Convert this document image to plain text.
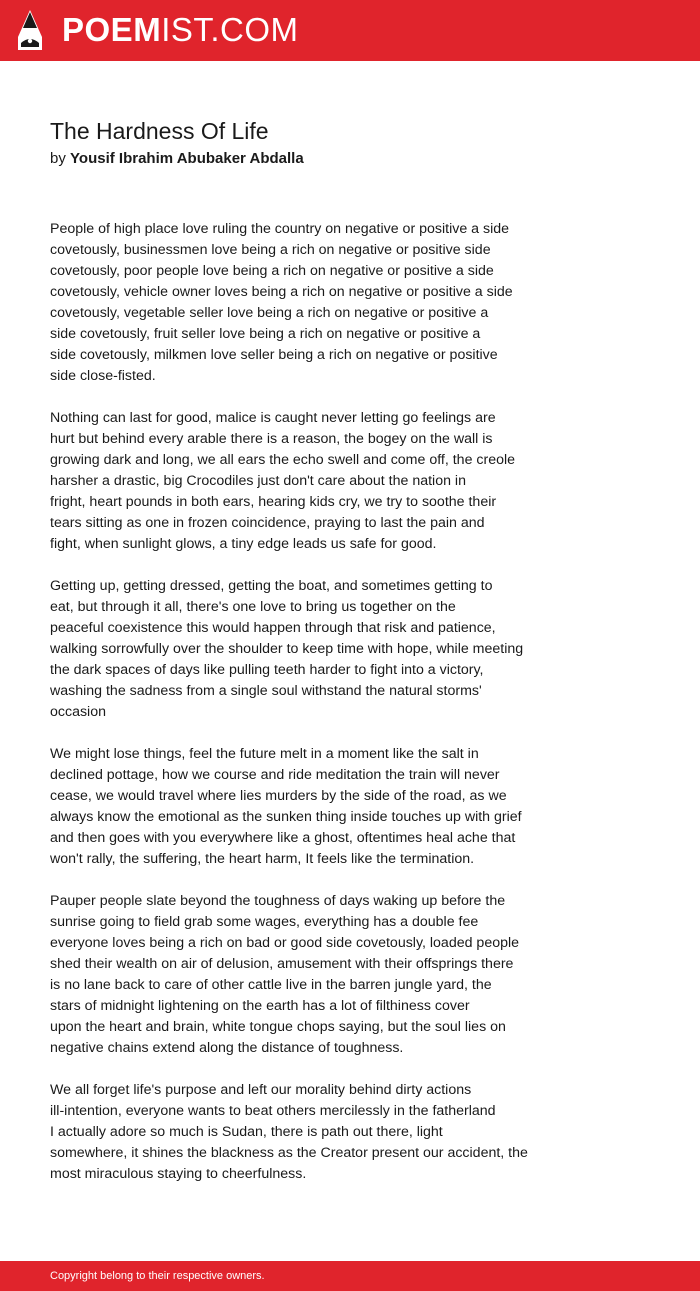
POEMIST.COM
The Hardness Of Life
by Yousif Ibrahim Abubaker Abdalla
People of high place love ruling the country on negative or positive a side
covetously, businessmen love being a rich on negative or positive side
covetously, poor people love being a rich on negative or positive a side
covetously, vehicle owner loves being a rich on negative or positive a side
covetously, vegetable seller love being a rich on negative or positive a
side covetously, fruit seller love being a rich on negative or positive a
side covetously, milkmen love seller being a rich on negative or positive
side close-fisted.
Nothing can last for good, malice is caught never letting go feelings are
hurt but behind every arable there is a reason, the bogey on the wall is
growing dark and long, we all ears the echo swell and come off, the creole
harsher a drastic, big Crocodiles just don't care about the nation in
fright, heart pounds in both ears, hearing kids cry, we try to soothe their
tears sitting as one in frozen coincidence, praying to last the pain and
fight, when sunlight glows, a tiny edge leads us safe for good.
Getting up, getting dressed, getting the boat, and sometimes getting to
eat, but through it all, there's one love to bring us together on the
peaceful coexistence this would happen through that risk and patience,
walking sorrowfully over the shoulder to keep time with hope, while meeting
the dark spaces of days like pulling teeth harder to fight into a victory,
washing the sadness from a single soul withstand the natural storms'
occasion
We might lose things, feel the future melt in a moment like the salt in
declined pottage, how we course and ride meditation the train will never
cease, we would travel where lies murders by the side of the road, as we
always know the emotional as the sunken thing inside touches up with grief
and then goes with you everywhere like a ghost, oftentimes heal ache that
won't rally, the suffering, the heart harm, It feels like the termination.
Pauper people slate beyond the toughness of days waking up before the
sunrise going to field grab some wages, everything has a double fee
everyone loves being a rich on bad or good side covetously, loaded people
shed their wealth on air of delusion, amusement with their offsprings there
is no lane back to care of other cattle live in the barren jungle yard, the
stars of midnight lightening on the earth has a lot of filthiness cover
upon the heart and brain, white tongue chops saying, but the soul lies on
negative chains extend along the distance of toughness.
We all forget life's purpose and left our morality behind dirty actions
ill-intention, everyone wants to beat others mercilessly in the fatherland
I actually adore so much is Sudan, there is path out there, light
somewhere, it shines the blackness as the Creator present our accident, the
most miraculous staying to cheerfulness.
Copyright belong to their respective owners.
